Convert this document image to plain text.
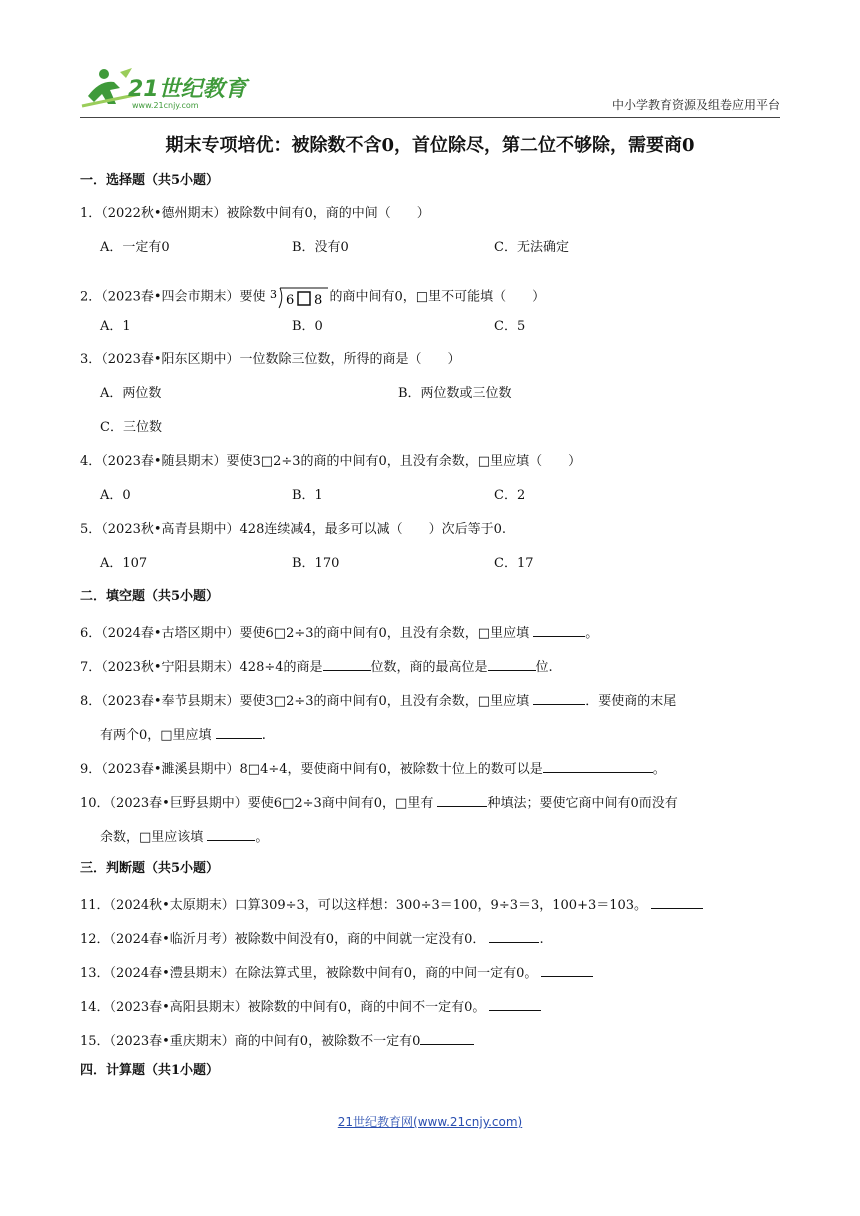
21世纪教育
www.21cnjy.com	中小学教育资源及组卷应用平台
期末专项培优：被除数不含0，首位除尽，第二位不够除，需要商0
一．选择题（共5小题）
1．（2022秋•德州期末）被除数中间有0，商的中间（　　）
A．一定有0	B．没有0	C．无法确定
2．（2023春•四会市期末）要使 3 6 8 的商中间有0，□里不可能填（　　）
A．1	B．0	C．5
3．（2023春•阳东区期中）一位数除三位数，所得的商是（　　）
A．两位数	B．两位数或三位数
C．三位数
4．（2023春•随县期末）要使3□2÷3的商的中间有0，且没有余数，□里应填（　　）
A．0	B．1	C．2
5．（2023秋•高青县期中）428连续减4，最多可以减（　　）次后等于0.
A．107	B．170	C．17
二．填空题（共5小题）
6．（2024春•古塔区期中）要使6□2÷3的商中间有0，且没有余数，□里应填	。
7．（2023秋•宁阳县期末）428÷4的商是	位数，商的最高位是	位.
8．（2023春•奉节县期末）要使3□2÷3的商中间有0，且没有余数，□里应填	．要使商的末尾
有两个0，□里应填	.
9．（2023春•濉溪县期中）8□4÷4，要使商中间有0，被除数十位上的数可以是	。
10．（2023春•巨野县期中）要使6□2÷3商中间有0，□里有	种填法；要使它商中间有0而没有
余数，□里应该填	。
三．判断题（共5小题）
11．（2024秋•太原期末）口算309÷3，可以这样想：300÷3＝100，9÷3＝3，100+3＝103。
12．（2024春•临沂月考）被除数中间没有0，商的中间就一定没有0．	.
13．（2024春•澧县期末）在除法算式里，被除数中间有0，商的中间一定有0。
14．（2023春•高阳县期末）被除数的中间有0，商的中间不一定有0。
15．（2023春•重庆期末）商的中间有0，被除数不一定有0
四．计算题（共1小题）
21世纪教育网(www.21cnjy.com)
